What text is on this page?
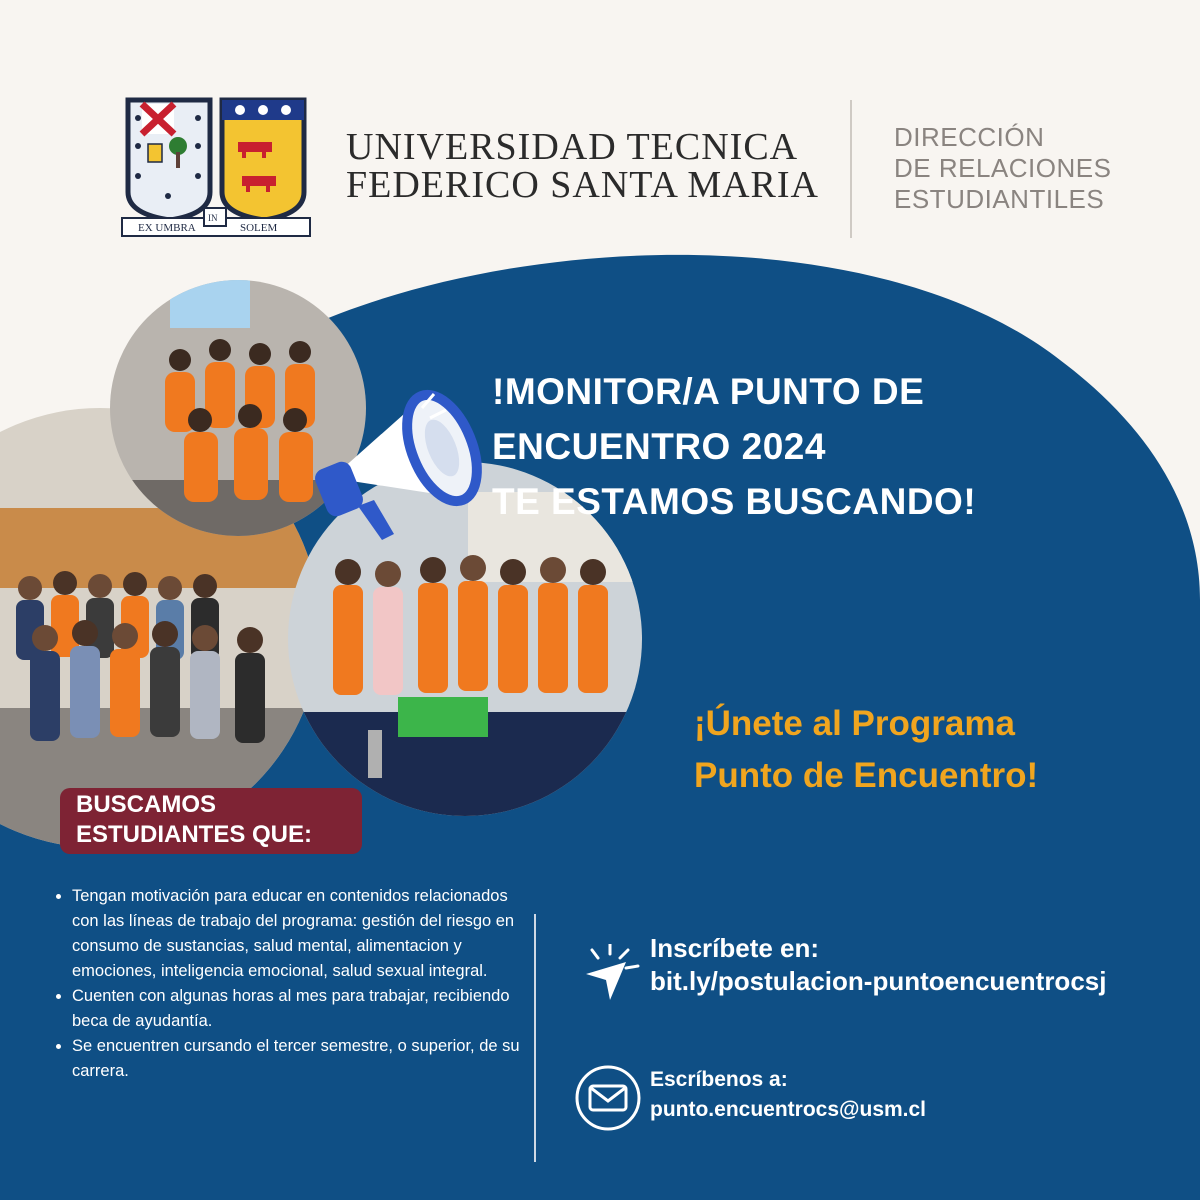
EX UMBRA
IN
SOLEM
UNIVERSIDAD TECNICA
FEDERICO SANTA MARIA
DIRECCIÓN
DE RELACIONES
ESTUDIANTILES
!MONITOR/A PUNTO DE
ENCUENTRO 2024
TE ESTAMOS BUSCANDO!
¡Únete al Programa
Punto de Encuentro!
BUSCAMOS
ESTUDIANTES QUE:
• Tengan motivación para educar en contenidos relacionados con las líneas de trabajo del programa: gestión del riesgo en consumo de sustancias, salud mental, alimentacion y emociones, inteligencia emocional, salud sexual integral.
• Cuenten con algunas horas al mes para trabajar, recibiendo beca de ayudantía.
• Se encuentren cursando el tercer semestre, o superior, de su carrera.
Inscríbete en:
bit.ly/postulacion-puntoencuentrocsj
Escríbenos a:
punto.encuentrocs@usm.cl
